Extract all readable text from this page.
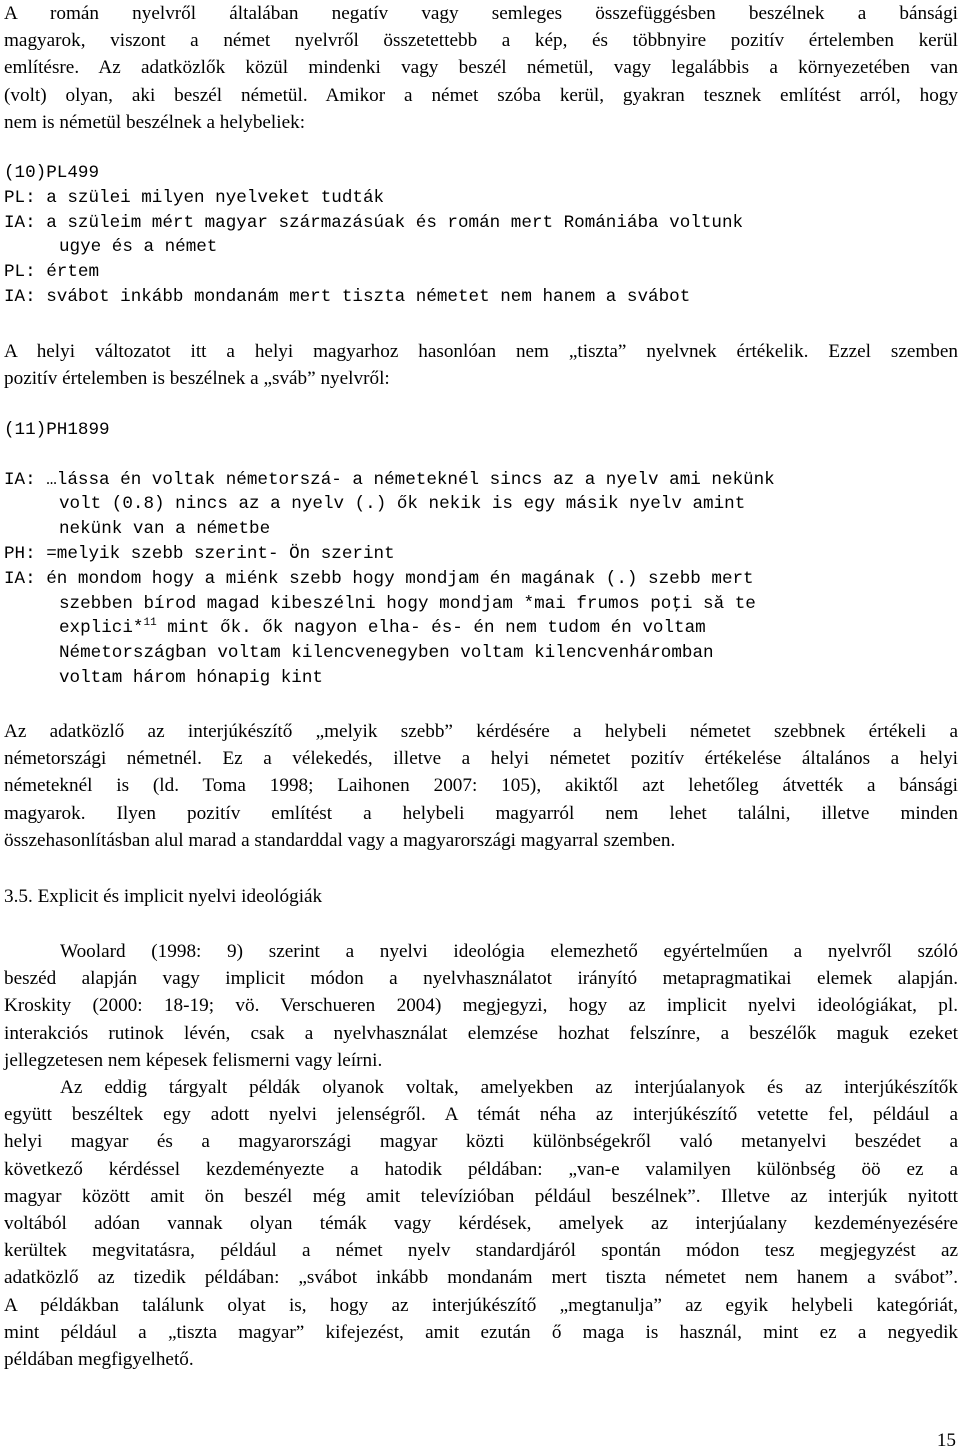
A román nyelvről általában negatív vagy semleges összefüggésben beszélnek a bánsági
magyarok, viszont a német nyelvről összetettebb a kép, és többnyire pozitív értelemben kerül
említésre. Az adatközlők közül mindenki vagy beszél németül, vagy legalábbis a környezetében van
(volt) olyan, aki beszél németül. Amikor a német szóba kerül, gyakran tesznek említést arról, hogy
nem is németül beszélnek a helybeliek:
(10)PL499
PL: a szülei milyen nyelveket tudták
IA: a szüleim mért magyar származásúak és román mert Romániába voltunk
ugye és a német
PL: értem
IA: svábot inkább mondanám mert tiszta németet nem hanem a svábot
A helyi változatot itt a helyi magyarhoz hasonlóan nem „tiszta” nyelvnek értékelik. Ezzel szemben
pozitív értelemben is beszélnek a „sváb” nyelvről:
(11)PH1899
IA: …lássa én voltak németorszá- a németeknél sincs az a nyelv ami nekünk
volt (0.8) nincs az a nyelv (.) ők nekik is egy másik nyelv amint
nekünk van a németbe
PH: =melyik szebb szerint- Ön szerint
IA: én mondom hogy a miénk szebb hogy mondjam én magának (.) szebb mert
szebben bírod magad kibeszélni hogy mondjam *mai frumos poţi să te
explici*$^{11}$ mint ők. ők nagyon elha- és- én nem tudom én voltam
Németországban voltam kilencvenegyben voltam kilencvenháromban
voltam három hónapig kint
Az adatközlő az interjúkészítő „melyik szebb” kérdésére a helybeli németet szebbnek értékeli a
németországi németnél. Ez a vélekedés, illetve a helyi németet pozitív értékelése általános a helyi
németeknél is (ld. Toma 1998; Laihonen 2007: 105), akiktől azt lehetőleg átvették a bánsági
magyarok. Ilyen pozitív említést a helybeli magyarról nem lehet találni, illetve minden
összehasonlításban alul marad a standarddal vagy a magyarországi magyarral szemben.
3.5. Explicit és implicit nyelvi ideológiák
Woolard (1998: 9) szerint a nyelvi ideológia elemezhető egyértelműen a nyelvről szóló
beszéd alapján vagy implicit módon a nyelvhasználatot irányító metapragmatikai elemek alapján.
Kroskity (2000: 18-19; vö. Verschueren 2004) megjegyzi, hogy az implicit nyelvi ideológiákat, pl.
interakciós rutinok lévén, csak a nyelvhasználat elemzése hozhat felszínre, a beszélők maguk ezeket
jellegzetesen nem képesek felismerni vagy leírni.
Az eddig tárgyalt példák olyanok voltak, amelyekben az interjúalanyok és az interjúkészítők
együtt beszéltek egy adott nyelvi jelenségről. A témát néha az interjúkészítő vetette fel, például a
helyi magyar és a magyarországi magyar közti különbségekről való metanyelvi beszédet a
következő kérdéssel kezdeményezte a hatodik példában: „van-e valamilyen különbség öö ez a
magyar között amit ön beszél még amit televízióban például beszélnek”. Illetve az interjúk nyitott
voltából adóan vannak olyan témák vagy kérdések, amelyek az interjúalany kezdeményezésére
kerültek megvitatásra, például a német nyelv standardjáról spontán módon tesz megjegyzést az
adatközlő az tizedik példában: „svábot inkább mondanám mert tiszta németet nem hanem a svábot”.
A példákban találunk olyat is, hogy az interjúkészítő „megtanulja” az egyik helybeli kategóriát,
mint például a „tiszta magyar” kifejezést, amit ezután ő maga is használ, mint ez a negyedik
példában megfigyelhető.
15
